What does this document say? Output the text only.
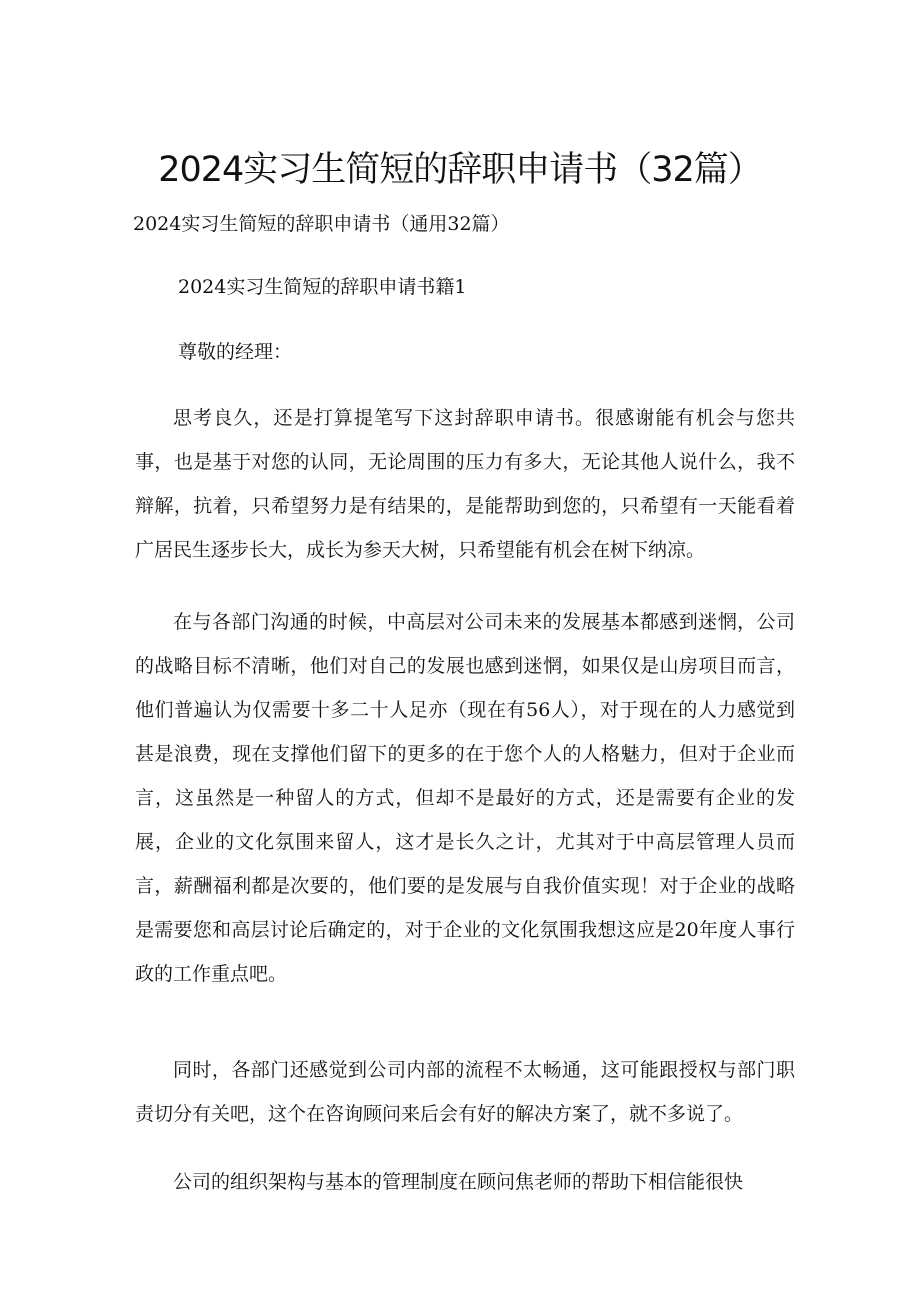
2024实习生简短的辞职申请书（32篇）

2024实习生简短的辞职申请书（通用32篇）

2024实习生简短的辞职申请书籍1

尊敬的经理：

思考良久，还是打算提笔写下这封辞职申请书。很感谢能有机会与您共事，也是基于对您的认同，无论周围的压力有多大，无论其他人说什么，我不辩解，抗着，只希望努力是有结果的，是能帮助到您的，只希望有一天能看着广居民生逐步长大，成长为参天大树，只希望能有机会在树下纳凉。

在与各部门沟通的时候，中高层对公司未来的发展基本都感到迷惘，公司的战略目标不清晰，他们对自己的发展也感到迷惘，如果仅是山房项目而言，他们普遍认为仅需要十多二十人足亦（现在有56人），对于现在的人力感觉到甚是浪费，现在支撑他们留下的更多的在于您个人的人格魅力，但对于企业而言，这虽然是一种留人的方式，但却不是最好的方式，还是需要有企业的发展，企业的文化氛围来留人，这才是长久之计，尤其对于中高层管理人员而言，薪酬福利都是次要的，他们要的是发展与自我价值实现！对于企业的战略是需要您和高层讨论后确定的，对于企业的文化氛围我想这应是20年度人事行政的工作重点吧。

同时，各部门还感觉到公司内部的流程不太畅通，这可能跟授权与部门职责切分有关吧，这个在咨询顾问来后会有好的解决方案了，就不多说了。

公司的组织架构与基本的管理制度在顾问焦老师的帮助下相信能很快
